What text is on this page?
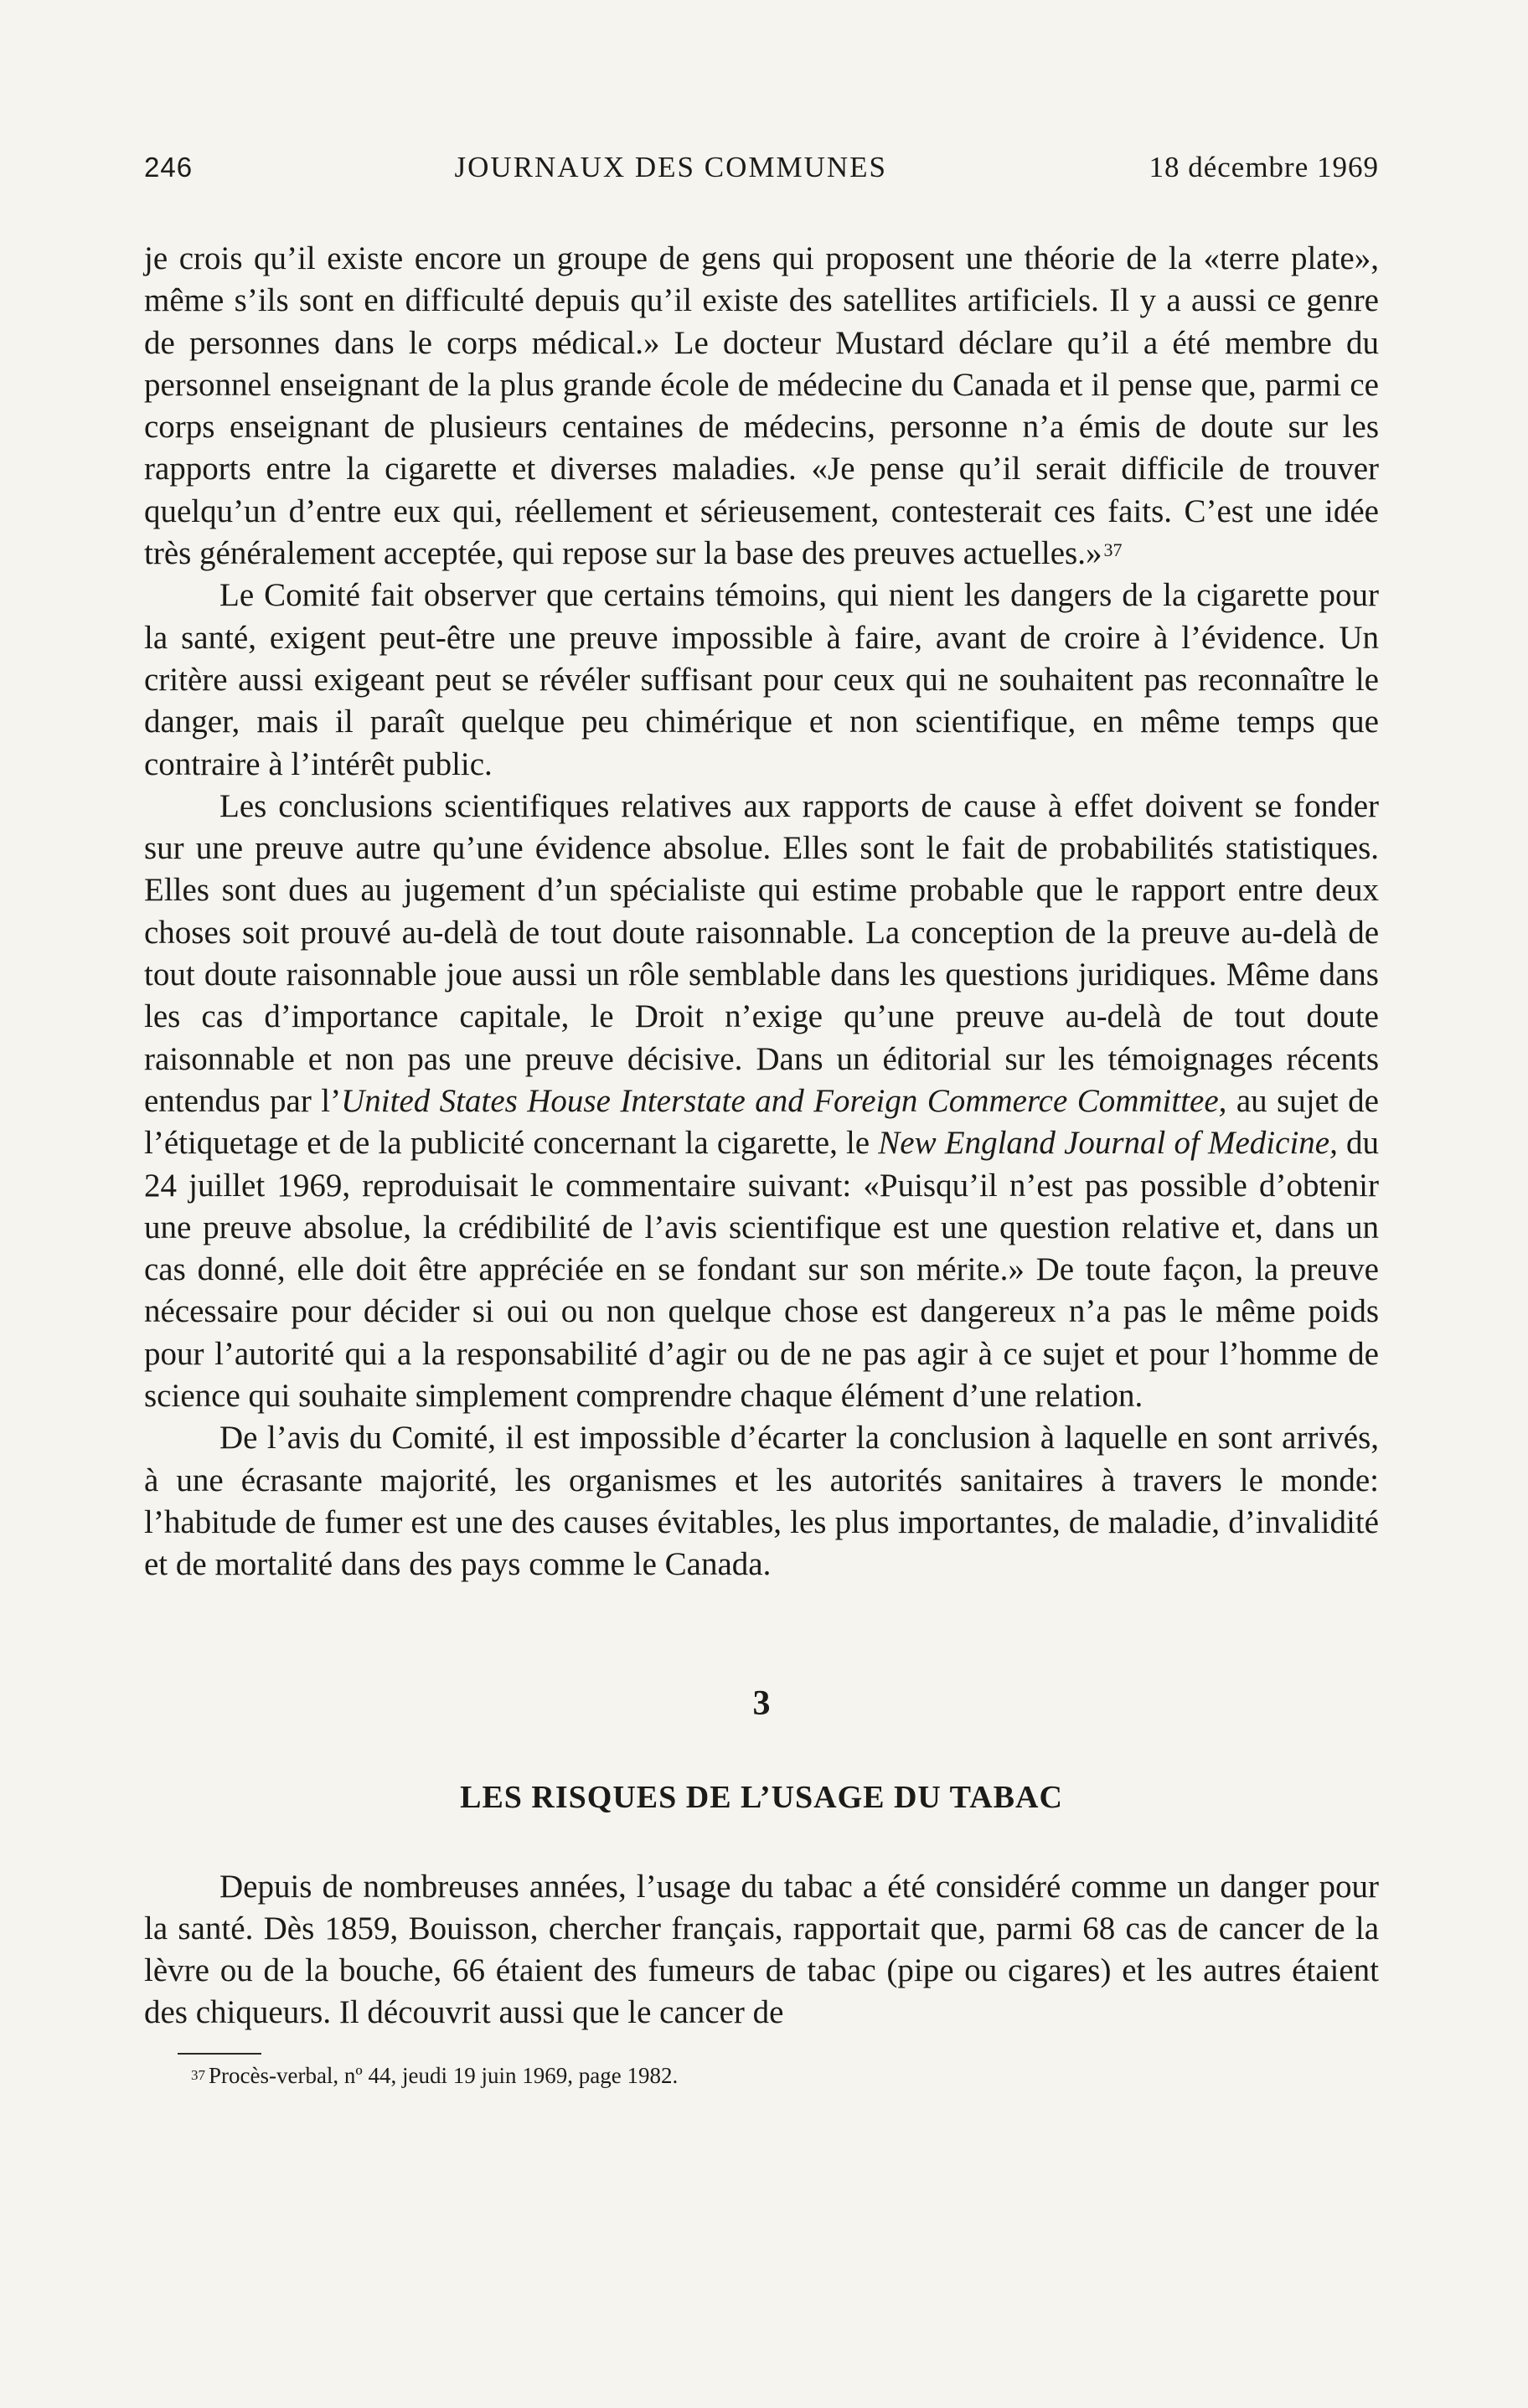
246	JOURNAUX DES COMMUNES	18 décembre 1969

je crois qu’il existe encore un groupe de gens qui proposent une théorie de la «terre plate», même s’ils sont en difficulté depuis qu’il existe des satellites artificiels. Il y a aussi ce genre de personnes dans le corps médical.» Le docteur Mustard déclare qu’il a été membre du personnel enseignant de la plus grande école de médecine du Canada et il pense que, parmi ce corps enseignant de plusieurs centaines de médecins, personne n’a émis de doute sur les rapports entre la cigarette et diverses maladies. «Je pense qu’il serait difficile de trouver quelqu’un d’entre eux qui, réellement et sérieusement, contesterait ces faits. C’est une idée très généralement acceptée, qui repose sur la base des preuves actuelles.»$^{37}$

Le Comité fait observer que certains témoins, qui nient les dangers de la cigarette pour la santé, exigent peut-être une preuve impossible à faire, avant de croire à l’évidence. Un critère aussi exigeant peut se révéler suffisant pour ceux qui ne souhaitent pas reconnaître le danger, mais il paraît quelque peu chimérique et non scientifique, en même temps que contraire à l’intérêt public.

Les conclusions scientifiques relatives aux rapports de cause à effet doivent se fonder sur une preuve autre qu’une évidence absolue. Elles sont le fait de probabilités statistiques. Elles sont dues au jugement d’un spécialiste qui estime probable que le rapport entre deux choses soit prouvé au-delà de tout doute raisonnable. La conception de la preuve au-delà de tout doute raisonnable joue aussi un rôle semblable dans les questions juridiques. Même dans les cas d’importance capitale, le Droit n’exige qu’une preuve au-delà de tout doute raisonnable et non pas une preuve décisive. Dans un éditorial sur les témoignages récents entendus par l’United States House Interstate and Foreign Commerce Committee, au sujet de l’étiquetage et de la publicité concernant la cigarette, le New England Journal of Medicine, du 24 juillet 1969, reproduisait le commentaire suivant: «Puisqu’il n’est pas possible d’obtenir une preuve absolue, la crédibilité de l’avis scientifique est une question relative et, dans un cas donné, elle doit être appréciée en se fondant sur son mérite.» De toute façon, la preuve nécessaire pour décider si oui ou non quelque chose est dangereux n’a pas le même poids pour l’autorité qui a la responsabilité d’agir ou de ne pas agir à ce sujet et pour l’homme de science qui souhaite simplement comprendre chaque élément d’une relation.

De l’avis du Comité, il est impossible d’écarter la conclusion à laquelle en sont arrivés, à une écrasante majorité, les organismes et les autorités sanitaires à travers le monde: l’habitude de fumer est une des causes évitables, les plus importantes, de maladie, d’invalidité et de mortalité dans des pays comme le Canada.

3
LES RISQUES DE L’USAGE DU TABAC

Depuis de nombreuses années, l’usage du tabac a été considéré comme un danger pour la santé. Dès 1859, Bouisson, chercher français, rapportait que, parmi 68 cas de cancer de la lèvre ou de la bouche, 66 étaient des fumeurs de tabac (pipe ou cigares) et les autres étaient des chiqueurs. Il découvrit aussi que le cancer de

$^{37}$ Procès-verbal, nº 44, jeudi 19 juin 1969, page 1982.
